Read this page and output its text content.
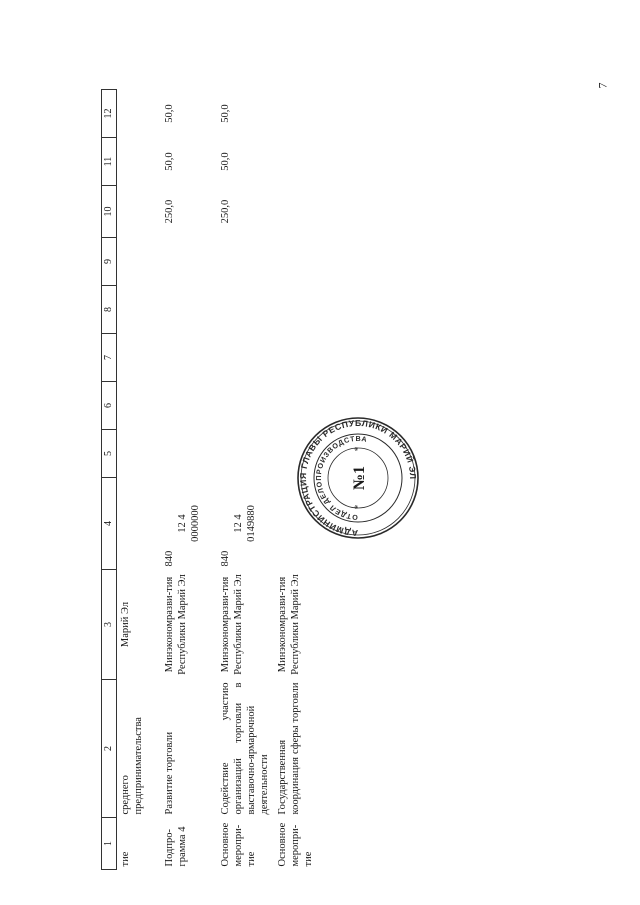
7
1	2	3	4	5	6	7	8	9	10	11	12
тие	среднего предпринимательства	Марий Эл									
Подпро-грамма 4	Развитие торговли	Минэкономразви-тия Республики Марий Эл	840
12 4 0000000						250,0	50,0	50,0
Основное меропри-тие	Содействие участию организаций торговли в выставочно-ярмарочной деятельности	Минэкономразви-тия Республики Марий Эл	840
12 4 0149880						250,0	50,0	50,0
Основное меропри-тие	Государственная координация сферы торговли	Минэкономразви-тия Республики Марий Эл									
АДМИНИСТРАЦИЯ ГЛАВЫ РЕСПУБЛИКИ МАРИЙ ЭЛ
ОТДЕЛ ДЕЛОПРОИЗВОДСТВА
№1
*
*
